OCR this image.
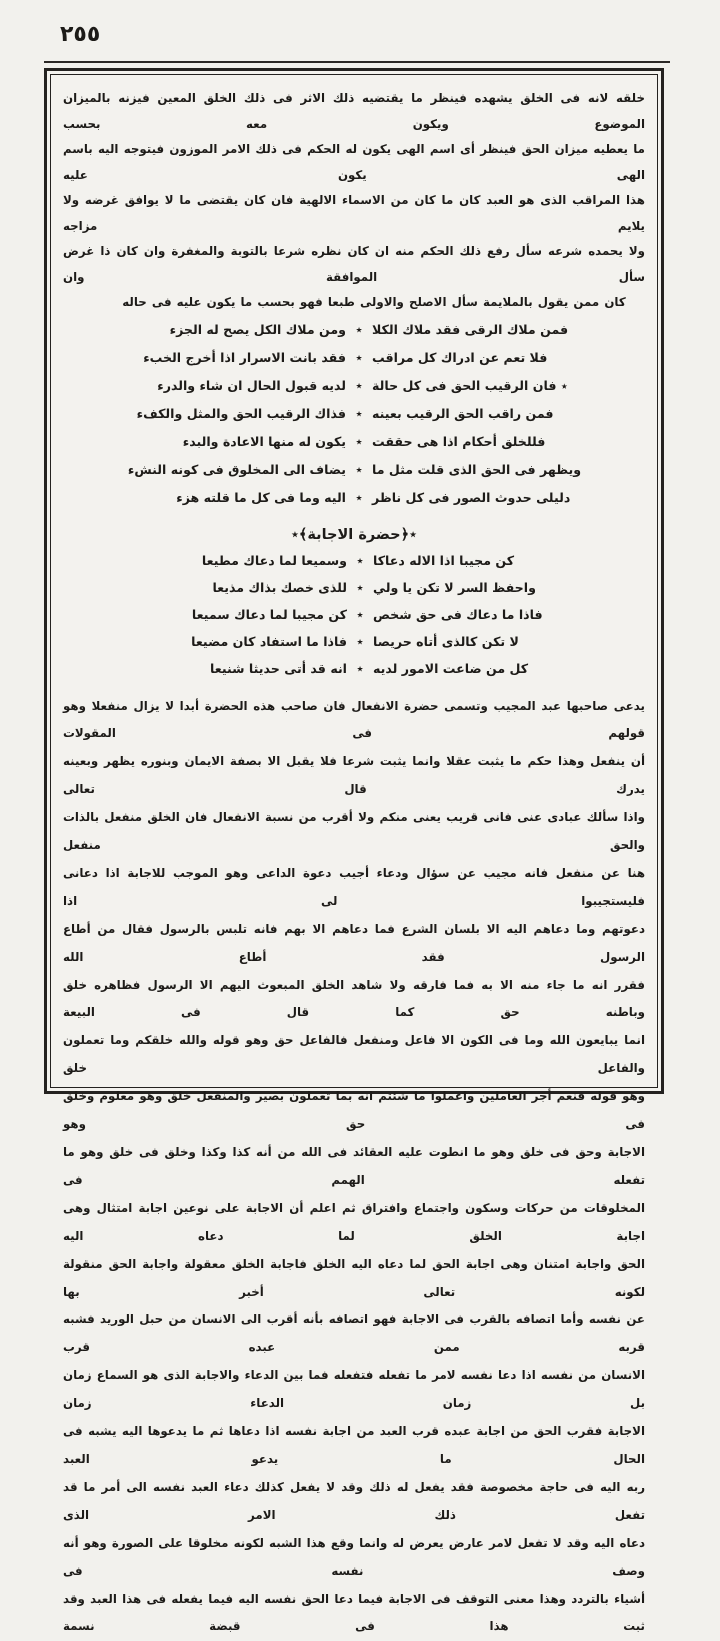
٢٥٥
خلقه لانه فى الخلق يشهده فينظر ما يقتضيه ذلك الاثر فى ذلك الخلق المعين فيزنه بالميزان الموضوع ويكون معه بحسب
ما يعطيه ميزان الحق فينظر أى اسم الهى يكون له الحكم فى ذلك الامر الموزون فيتوجه اليه باسم الهى يكون عليه
هذا المراقب الذى هو العبد كان ما كان من الاسماء الالهية فان كان يقتضى ما لا يوافق غرضه ولا يلايم مزاجه
ولا يحمده شرعه سأل رفع ذلك الحكم منه ان كان نظره شرعا بالتوبة والمغفرة وان كان ذا غرض سأل الموافقة وان
كان ممن يقول بالملايمة سأل الاصلح والاولى طبعا فهو بحسب ما يكون عليه فى حاله
فمن ملاك الرقى فقد ملاك الكلا
٭
ومن ملاك الكل يصح له الجزء
فلا تعم عن ادراك كل مراقب
٭
فقد بانت الاسرار اذا أخرج الخبء
٭ فان الرقيب الحق فى كل حالة
٭
لديه قبول الحال ان شاء والدرء
فمن راقب الحق الرقيب بعينه
٭
فذاك الرقيب الحق والمثل والكفء
فللخلق أحكام اذا هى حققت
٭
يكون له منها الاعادة والبدء
ويظهر فى الحق الذى قلت مثل ما
٭
يضاف الى المخلوق فى كونه النشء
دليلى حدوث الصور فى كل ناظر
٭
اليه وما فى كل ما قلته هزء
٭﴿حضرة الاجابة﴾٭
كن مجيبا اذا الاله دعاكا
٭
وسميعا لما دعاك مطيعا
واحفظ السر لا تكن يا ولي
٭
للذى خصك بذاك مذيعا
فاذا ما دعاك فى حق شخص
٭
كن مجيبا لما دعاك سميعا
لا تكن كالذى أتاه حريصا
٭
فاذا ما استفاد كان مضيعا
كل من ضاعت الامور لديه
٭
انه قد أتى حديثا شنيعا
يدعى صاحبها عبد المجيب وتسمى حضرة الانفعال فان صاحب هذه الحضرة أبدا لا يزال منفعلا وهو قولهم فى المقولات
أن ينفعل وهذا حكم ما يثبت عقلا وانما يثبت شرعا فلا يقبل الا بصفة الايمان وبنوره يظهر وبعينه يدرك قال تعالى
واذا سألك عبادى عنى فانى قريب يعنى منكم ولا أقرب من نسبة الانفعال فان الخلق منفعل بالذات والحق منفعل
هنا عن منفعل فانه مجيب عن سؤال ودعاء أجيب دعوة الداعى وهو الموجب للاجابة اذا دعانى فليستجيبوا لى اذا
دعوتهم وما دعاهم اليه الا بلسان الشرع فما دعاهم الا بهم فانه تلبس بالرسول فقال من أطاع الرسول فقد أطاع الله
فقرر انه ما جاء منه الا به فما فارقه ولا شاهد الخلق المبعوث اليهم الا الرسول فظاهره خلق وباطنه حق كما قال فى البيعة
انما يبايعون الله وما فى الكون الا فاعل ومنفعل فالفاعل حق وهو قوله والله خلقكم وما تعملون والفاعل خلق
وهو قوله فنعم أجر العاملين واعملوا ما شئتم انه بما تعملون بصير والمنفعل خلق وهو معلوم وخلق فى حق وهو
الاجابة وحق فى خلق وهو ما انطوت عليه العقائد فى الله من أنه كذا وكذا وخلق فى خلق وهو ما تفعله الهمم فى
المخلوقات من حركات وسكون واجتماع وافتراق ثم اعلم أن الاجابة على نوعين اجابة امتثال وهى اجابة الخلق لما دعاه اليه
الحق واجابة امتنان وهى اجابة الحق لما دعاه اليه الخلق فاجابة الخلق معقولة واجابة الحق منقولة لكونه تعالى أخبر بها
عن نفسه وأما اتصافه بالقرب فى الاجابة فهو اتصافه بأنه أقرب الى الانسان من حبل الوريد فشبه قربه ممن عبده قرب
الانسان من نفسه اذا دعا نفسه لامر ما تفعله فتفعله فما بين الدعاء والاجابة الذى هو السماع زمان بل زمان الدعاء زمان
الاجابة فقرب الحق من اجابة عبده قرب العبد من اجابة نفسه اذا دعاها ثم ما يدعوها اليه يشبه فى الحال ما يدعو العبد
ربه اليه فى حاجة مخصوصة فقد يفعل له ذلك وقد لا يفعل كذلك دعاء العبد نفسه الى أمر ما قد تفعل ذلك الامر الذى
دعاه اليه وقد لا تفعل لامر عارض يعرض له وانما وقع هذا الشبه لكونه مخلوقا على الصورة وهو أنه وصف نفسه فى
أشياء بالتردد وهذا معنى التوقف فى الاجابة فيما دعا الحق نفسه اليه فيما يفعله فى هذا العبد وقد ثبت هذا فى قبضة نسمة
